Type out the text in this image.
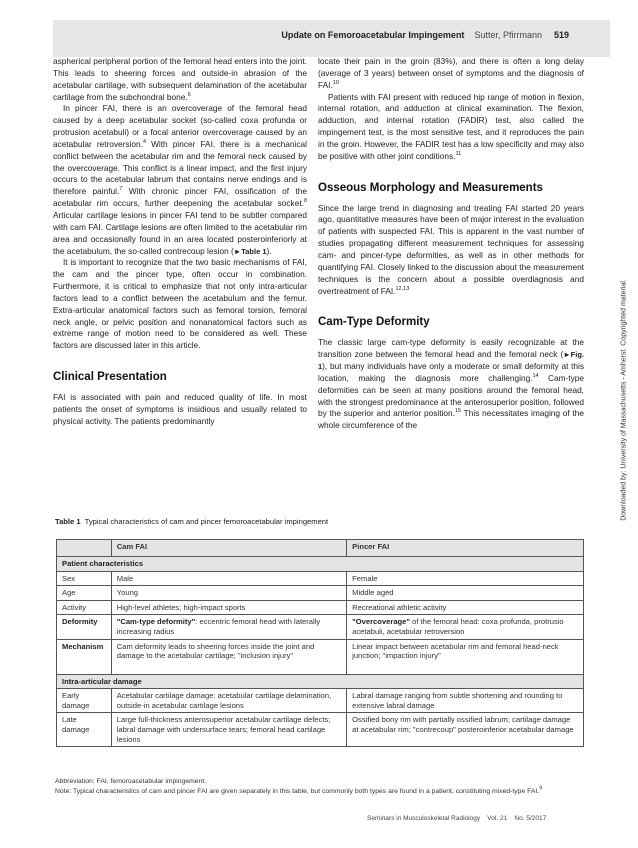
Update on Femoroacetabular Impingement Sutter, Pfirrmann 519

aspherical peripheral portion of the femoral head enters into the joint. This leads to sheering forces and outside-in abrasion of the acetabular cartilage, with subsequent delamination of the acetabular cartilage from the subchondral bone.$^6$

In pincer FAI, there is an overcoverage of the femoral head caused by a deep acetabular socket (so-called coxa profunda or protrusion acetabuli) or a focal anterior overcoverage caused by an acetabular retroversion.$^4$ With pincer FAI, there is a mechanical conflict between the acetabular rim and the femoral neck caused by the overcoverage. This conflict is a linear impact, and the first injury occurs to the acetabular labrum that contains nerve endings and is therefore painful.$^7$ With chronic pincer FAI, ossification of the acetabular rim occurs, further deepening the acetabular socket.$^8$ Articular cartilage lesions in pincer FAI tend to be subtler compared with cam FAI. Cartilage lesions are often limited to the acetabular rim area and occasionally found in an area located posteroinferiorly at the acetabulum, the so-called contrecoup lesion (►Table 1).

It is important to recognize that the two basic mechanisms of FAI, the cam and the pincer type, often occur in combination. Furthermore, it is critical to emphasize that not only intra-articular factors lead to a conflict between the acetabulum and the femur. Extra-articular anatomical factors such as femoral torsion, femoral neck angle, or pelvic position and nonanatomical factors such as extreme range of motion need to be considered as well. These factors are discussed later in this article.

Clinical Presentation

FAI is associated with pain and reduced quality of life. In most patients the onset of symptoms is insidious and usually related to physical activity. The patients predominantly

locate their pain in the groin (83%), and there is often a long delay (average of 3 years) between onset of symptoms and the diagnosis of FAI.$^{10}$

Patients with FAI present with reduced hip range of motion in flexion, internal rotation, and adduction at clinical examination. The flexion, adduction, and internal rotation (FADIR) test, also called the impingement test, is the most sensitive test, and it reproduces the pain in the groin. However, the FADIR test has a low specificity and may also be positive with other joint conditions.$^{11}$

Osseous Morphology and Measurements

Since the large trend in diagnosing and treating FAI started 20 years ago, quantitative measures have been of major interest in the evaluation of patients with suspected FAI. This is apparent in the vast number of studies propagating different measurement techniques for assessing cam- and pincer-type deformities, as well as in other methods for quantifying FAI. Closely linked to the discussion about the measurement techniques is the concern about a possible overdiagnosis and overtreatment of FAI.$^{12,13}$

Cam-Type Deformity

The classic large cam-type deformity is easily recognizable at the transition zone between the femoral head and the femoral neck (►Fig. 1), but many individuals have only a moderate or small deformity at this location, making the diagnosis more challenging.$^{14}$ Cam-type deformities can be seen at many positions around the femoral head, with the strongest predominance at the anterosuperior position, followed by the superior and anterior position.$^{15}$ This necessitates imaging of the whole circumference of the

Table 1 Typical characteristics of cam and pincer femoroacetabular impingement
	Cam FAI	Pincer FAI
Patient characteristics		
Sex	Male	Female
Age	Young	Middle aged
Activity	High-level athletes; high-impact sports	Recreational athletic activity
Deformity	"Cam-type deformity": eccentric femoral head with laterally increasing radius	"Overcoverage" of the femoral head: coxa profunda, protrusio acetabuli, acetabular retroversion
Mechanism	Cam deformity leads to sheering forces inside the joint and damage to the acetabular cartilage; "inclusion injury"	Linear impact between acetabular rim and femoral head-neck junction; "impaction injury"
Intra-articular damage		
Early damage	Acetabular cartilage damage: acetabular cartilage delamination, outside-in acetabular cartilage lesions	Labral damage ranging from subtle shortening and rounding to extensive labral damage
Late damage	Large full-thickness anterosuperior acetabular cartilage defects; labral damage with undersurface tears; femoral head cartilage lesions	Ossified bony rim with partially ossified labrum; cartilage damage at acetabular rim; "contrecoup" posteroinferior acetabular damage
Abbreviation: FAI, femoroacetabular impingement.
Note: Typical characteristics of cam and pincer FAI are given separately in this table, but commonly both types are found in a patient, constituting mixed-type FAI.$^9$
Seminars in Musculoskeletal Radiology    Vol. 21    No. 5/2017
Downloaded by: University of Massachusetts - Amherst. Copyrighted material.
